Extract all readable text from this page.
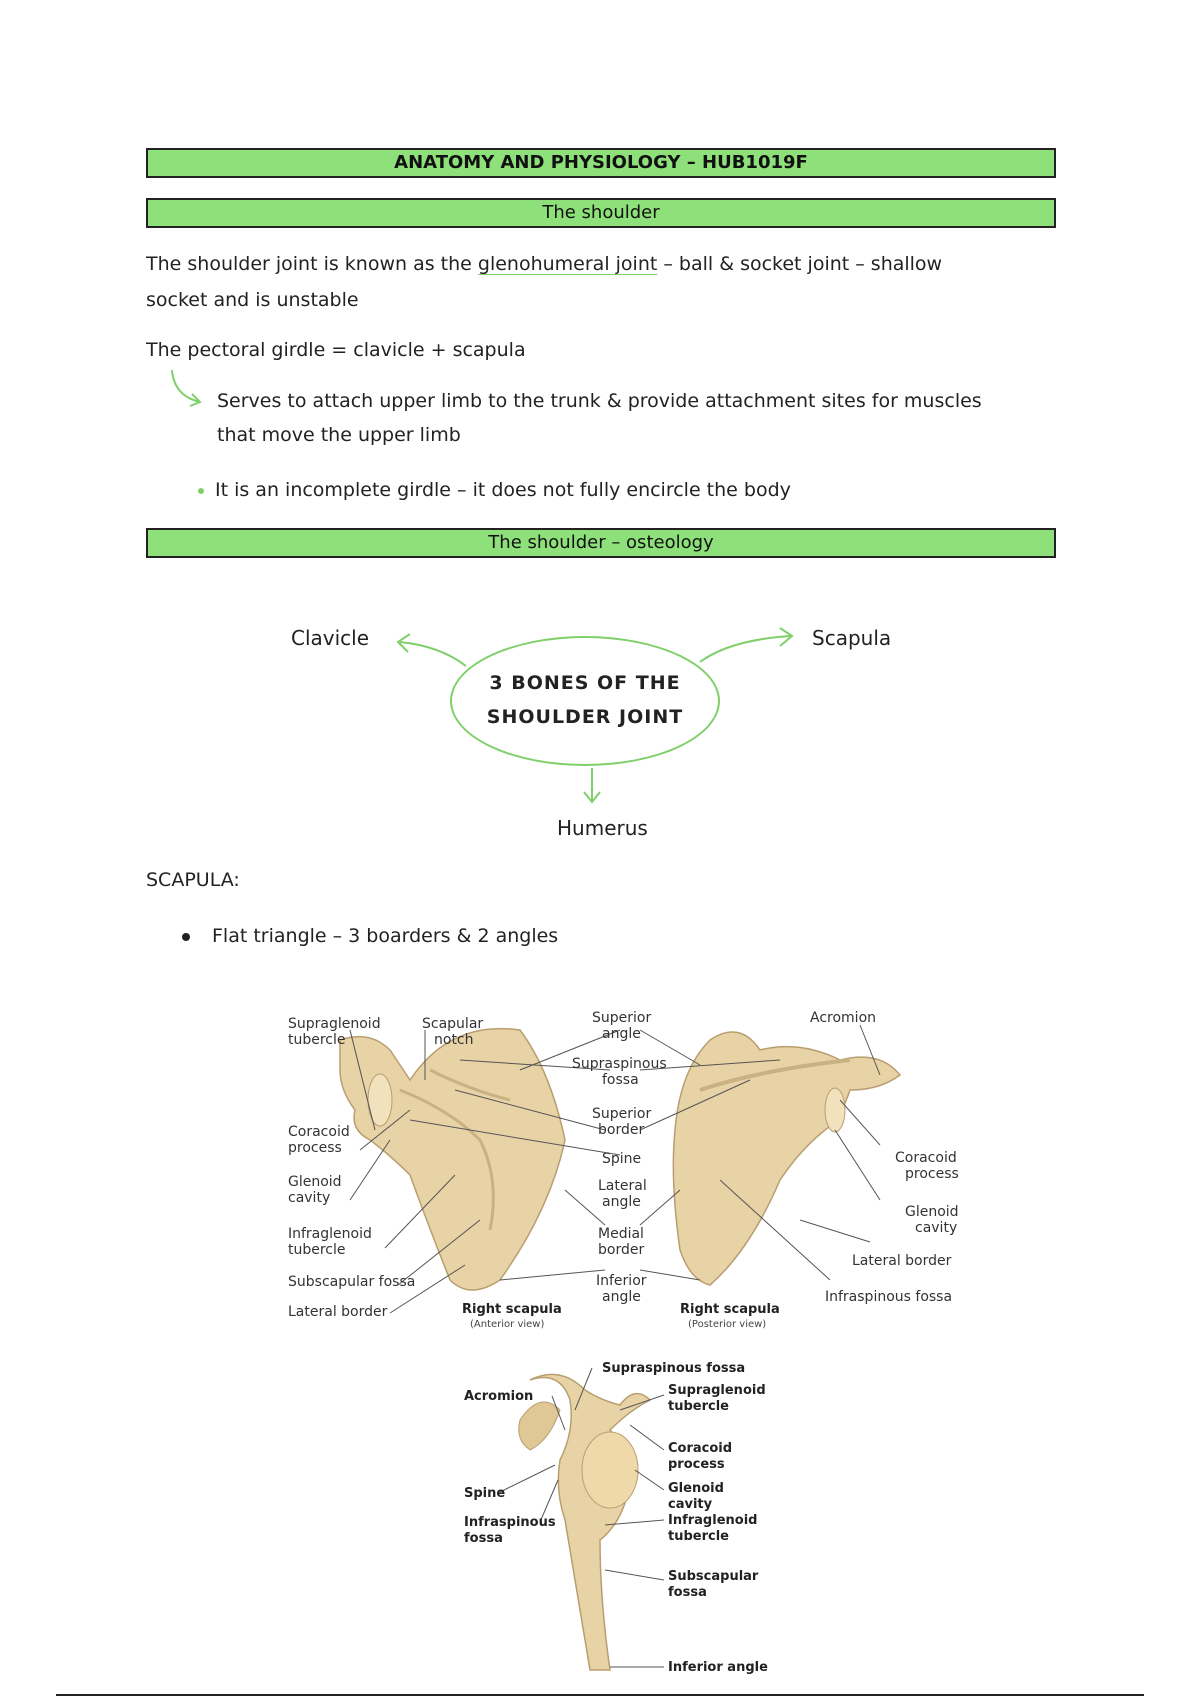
ANATOMY AND PHYSIOLOGY – HUB1019F
The shoulder
The shoulder joint is known as the glenohumeral joint – ball & socket joint – shallow
socket and is unstable
The pectoral girdle = clavicle + scapula
Serves to attach upper limb to the trunk & provide attachment sites for muscles
that move the upper limb
It is an incomplete girdle – it does not fully encircle the body
The shoulder – osteology
Clavicle	Scapula
Humerus
3 BONES OF THE
SHOULDER JOINT
SCAPULA:
Flat triangle – 3 boarders & 2 angles
Supraglenoid
tubercle
Scapular
notch
Coracoid
process
Glenoid
cavity
Infraglenoid
tubercle
Subscapular fossa
Lateral border
Superior
angle
Supraspinous
fossa
Superior
border
Spine
Lateral
angle
Medial
border
Inferior
angle
Acromion
Coracoid
process
Glenoid
cavity
Lateral border
Infraspinous fossa
Right scapula
(Anterior view)
Right scapula
(Posterior view)
Supraspinous fossa
Acromion	Supraglenoid
tubercle
Coracoid
process
Spine	Glenoid
cavity
Infraspinous
fossa
Infraglenoid
tubercle
Subscapular
fossa
Inferior angle
